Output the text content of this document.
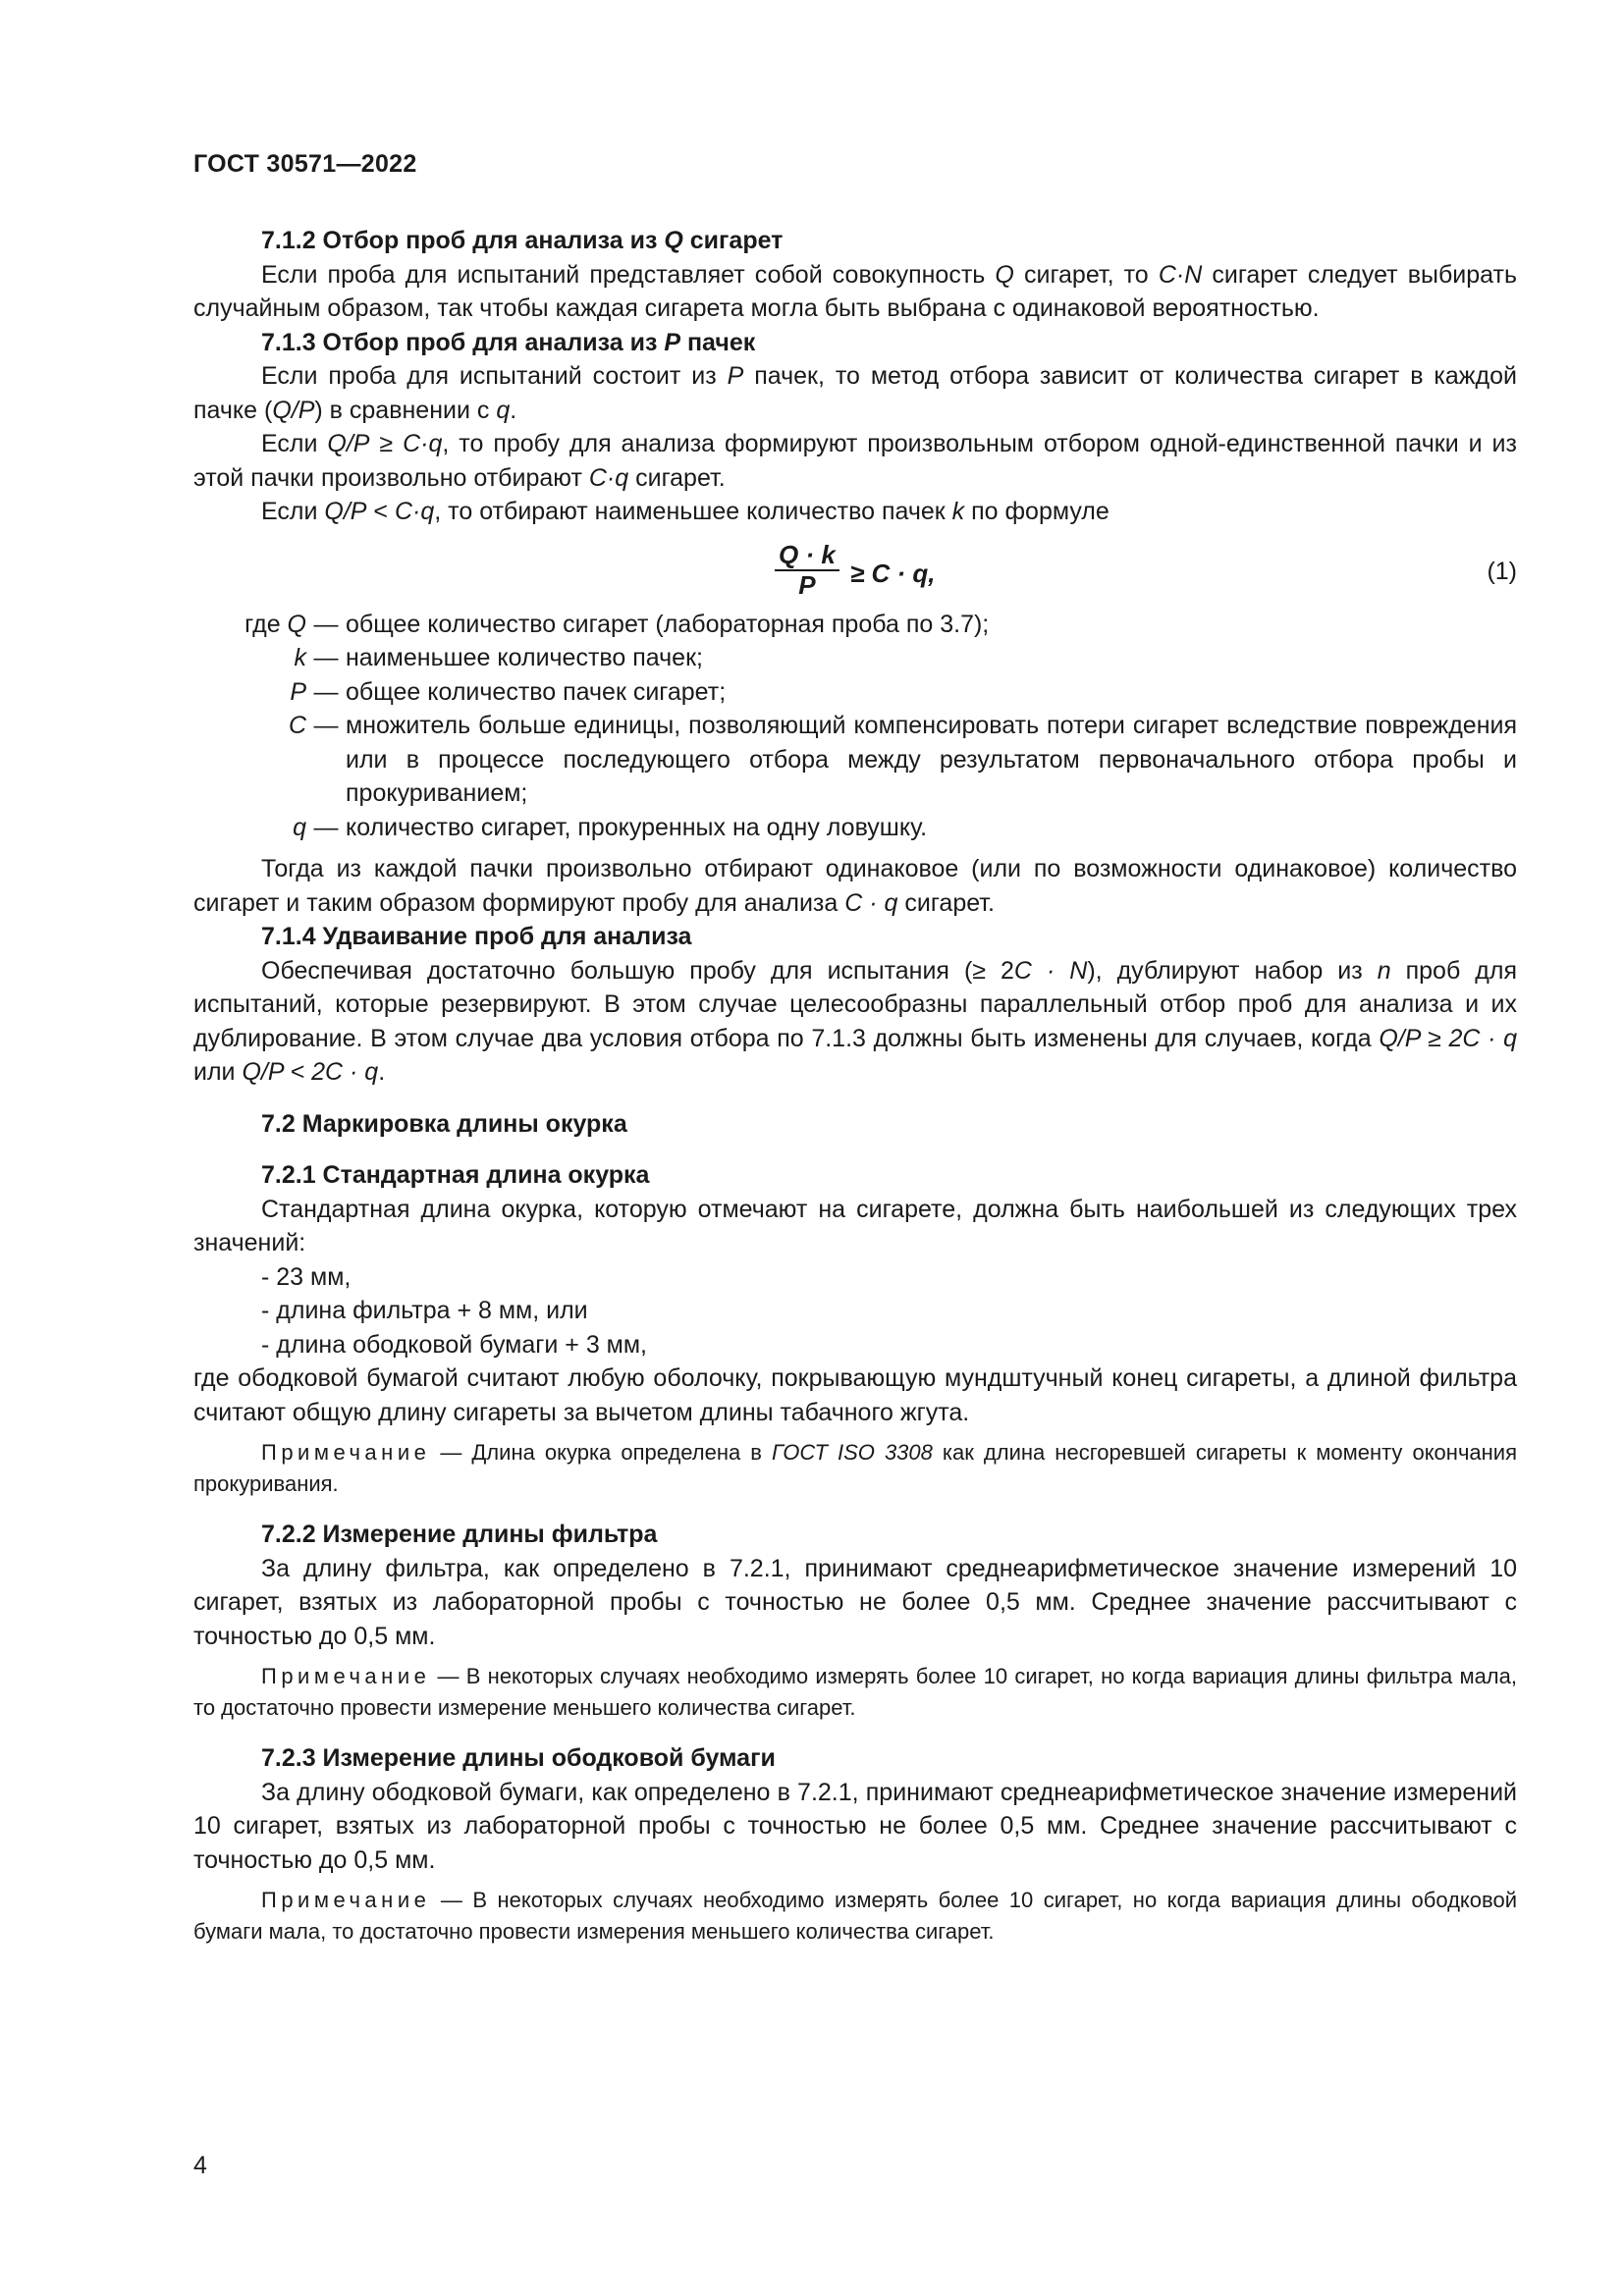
ГОСТ 30571—2022

7.1.2 Отбор проб для анализа из Q сигарет

Если проба для испытаний представляет собой совокупность Q сигарет, то C·N сигарет следует выбирать случайным образом, так чтобы каждая сигарета могла быть выбрана с одинаковой вероятностью.

7.1.3 Отбор проб для анализа из P пачек

Если проба для испытаний состоит из P пачек, то метод отбора зависит от количества сигарет в каждой пачке (Q/P) в сравнении с q.

Если Q/P ≥ C·q, то пробу для анализа формируют произвольным отбором одной-единственной пачки и из этой пачки произвольно отбирают C·q сигарет.

Если Q/P < C·q, то отбирают наименьшее количество пачек k по формуле

$\frac{Q \cdot k}{P} \ge C \cdot q$,	(1)
где Q — общее количество сигарет (лабораторная проба по 3.7);
k — наименьшее количество пачек;
P — общее количество пачек сигарет;
C — множитель больше единицы, позволяющий компенсировать потери сигарет вследствие повреждения или в процессе последующего отбора между результатом первоначального отбора пробы и прокуриванием;
q — количество сигарет, прокуренных на одну ловушку.

Тогда из каждой пачки произвольно отбирают одинаковое (или по возможности одинаковое) количество сигарет и таким образом формируют пробу для анализа C · q сигарет.

7.1.4 Удваивание проб для анализа

Обеспечивая достаточно большую пробу для испытания (≥ 2C · N), дублируют набор из n проб для испытаний, которые резервируют. В этом случае целесообразны параллельный отбор проб для анализа и их дублирование. В этом случае два условия отбора по 7.1.3 должны быть изменены для случаев, когда Q/P ≥ 2C · q или Q/P < 2C · q.

7.2 Маркировка длины окурка

7.2.1 Стандартная длина окурка

Стандартная длина окурка, которую отмечают на сигарете, должна быть наибольшей из следующих трех значений:

- 23 мм,

- длина фильтра + 8 мм, или

- длина ободковой бумаги + 3 мм,

где ободковой бумагой считают любую оболочку, покрывающую мундштучный конец сигареты, а длиной фильтра считают общую длину сигареты за вычетом длины табачного жгута.

Примечание — Длина окурка определена в ГОСТ ISO 3308 как длина несгоревшей сигареты к моменту окончания прокуривания.

7.2.2 Измерение длины фильтра

За длину фильтра, как определено в 7.2.1, принимают среднеарифметическое значение измерений 10 сигарет, взятых из лабораторной пробы с точностью не более 0,5 мм. Среднее значение рассчитывают с точностью до 0,5 мм.

Примечание — В некоторых случаях необходимо измерять более 10 сигарет, но когда вариация длины фильтра мала, то достаточно провести измерение меньшего количества сигарет.

7.2.3 Измерение длины ободковой бумаги

За длину ободковой бумаги, как определено в 7.2.1, принимают среднеарифметическое значение измерений 10 сигарет, взятых из лабораторной пробы с точностью не более 0,5 мм. Среднее значение рассчитывают с точностью до 0,5 мм.

Примечание — В некоторых случаях необходимо измерять более 10 сигарет, но когда вариация длины ободковой бумаги мала, то достаточно провести измерения меньшего количества сигарет.

4
